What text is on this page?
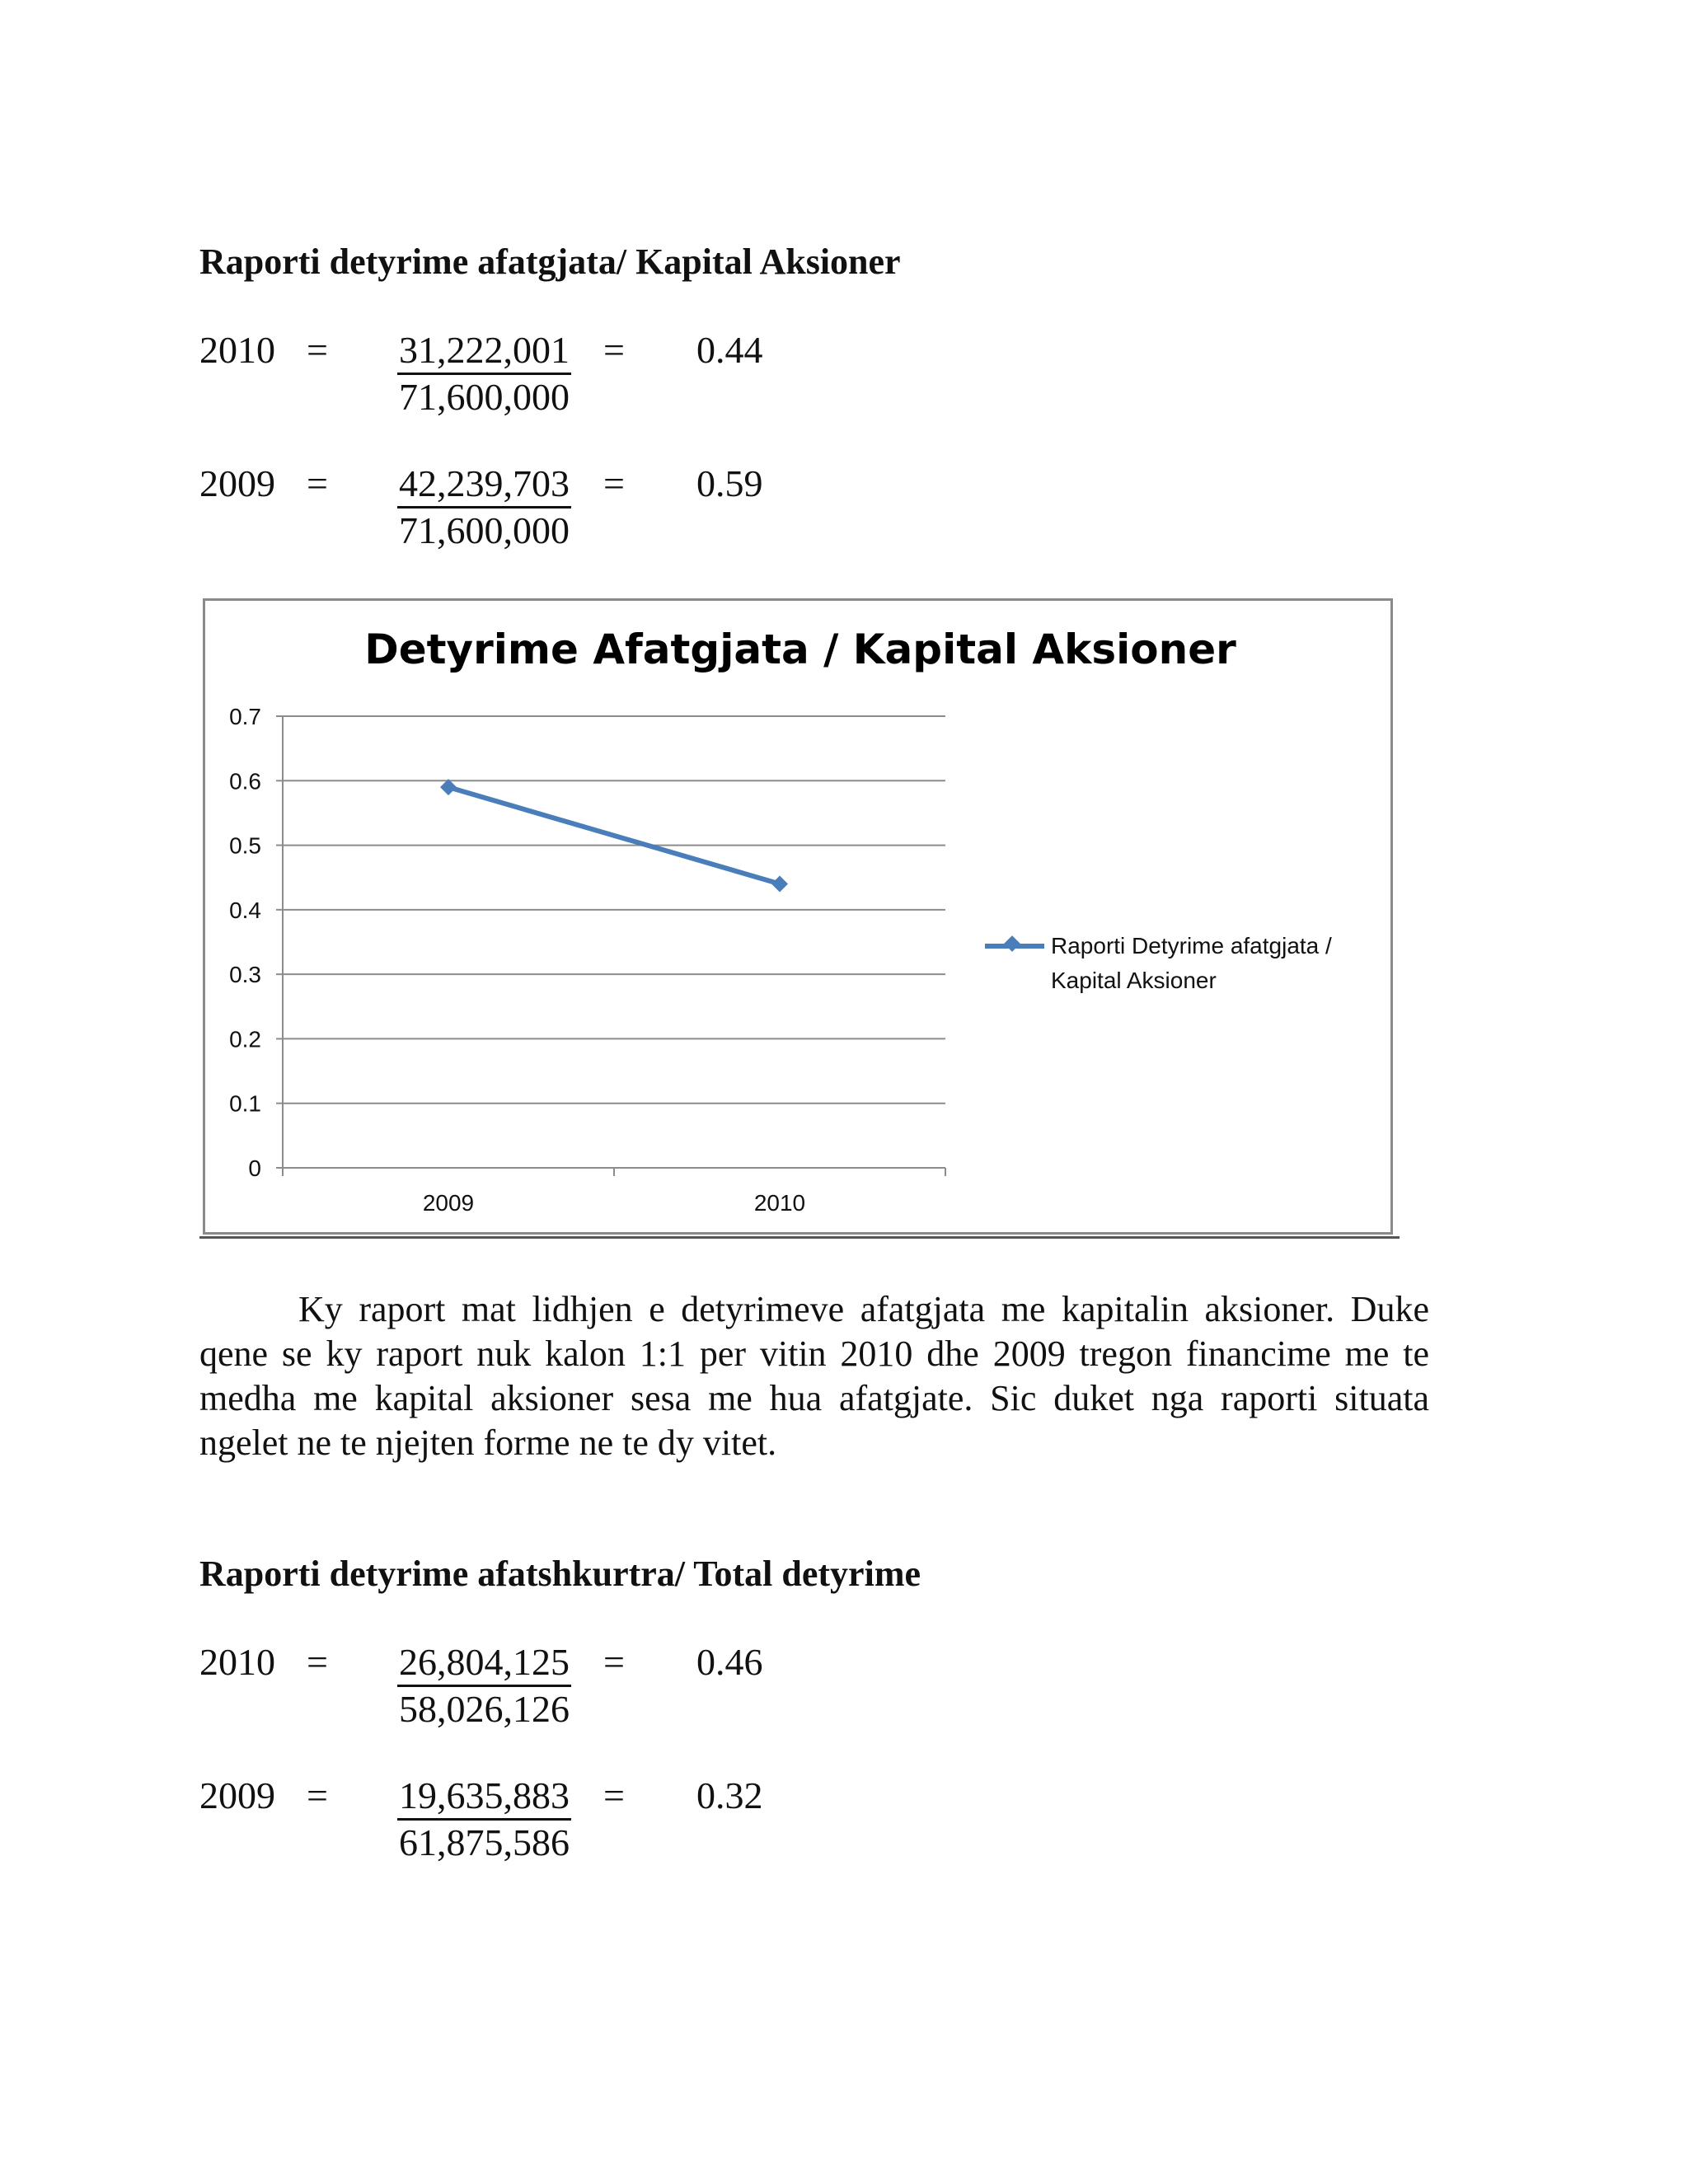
Raporti detyrime afatgjata/ Kapital Aksioner
$2010 = \frac{31,222,001}{71,600,000} = 0.44$
$2009 = \frac{42,239,703}{71,600,000} = 0.59$
Detyrime Afatgjata / Kapital Aksioner
0
0.1
0.2
0.3
0.4
0.5
0.6
0.7
2009	2010
Raporti Detyrime afatgjata / Kapital Aksioner
Ky raport mat lidhjen e detyrimeve afatgjata me kapitalin aksioner. Duke qene se ky raport nuk kalon 1:1 per vitin 2010 dhe 2009 tregon financime me te medha me kapital aksioner sesa me hua afatgjate. Sic duket nga raporti situata ngelet ne te njejten forme ne te dy vitet.
Raporti detyrime afatshkurtra/ Total detyrime
$2010 = \frac{26,804,125}{58,026,126} = 0.46$
$2009 = \frac{19,635,883}{61,875,586} = 0.32$
